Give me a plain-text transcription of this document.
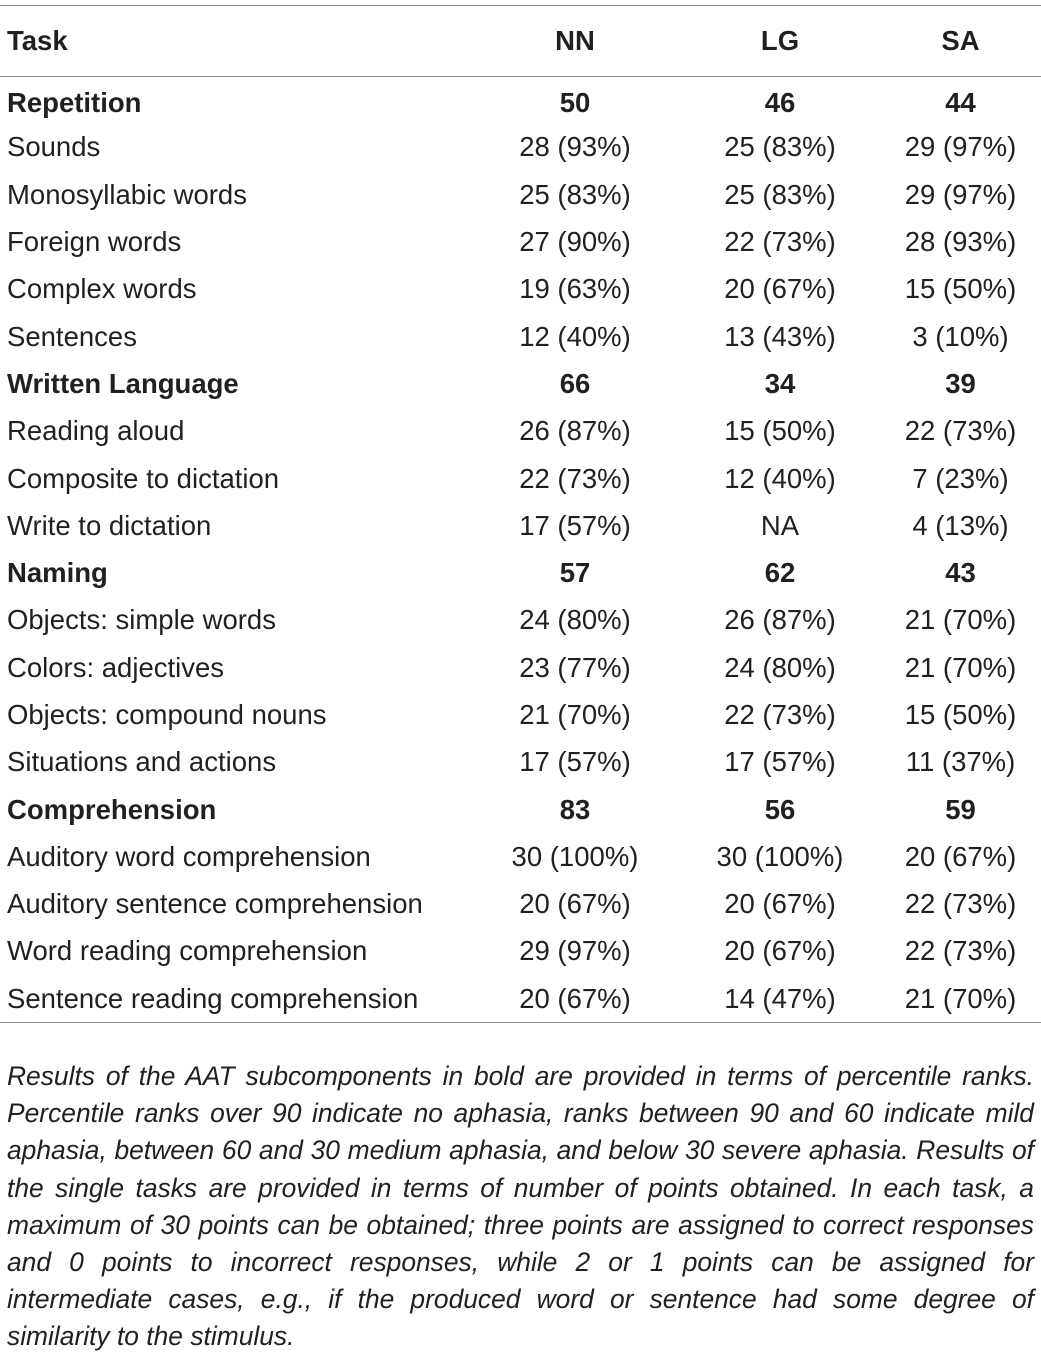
Task	NN	LG	SA
Repetition	50	46	44
Sounds	28 (93%)	25 (83%)	29 (97%)
Monosyllabic words	25 (83%)	25 (83%)	29 (97%)
Foreign words	27 (90%)	22 (73%)	28 (93%)
Complex words	19 (63%)	20 (67%)	15 (50%)
Sentences	12 (40%)	13 (43%)	3 (10%)
Written Language	66	34	39
Reading aloud	26 (87%)	15 (50%)	22 (73%)
Composite to dictation	22 (73%)	12 (40%)	7 (23%)
Write to dictation	17 (57%)	NA	4 (13%)
Naming	57	62	43
Objects: simple words	24 (80%)	26 (87%)	21 (70%)
Colors: adjectives	23 (77%)	24 (80%)	21 (70%)
Objects: compound nouns	21 (70%)	22 (73%)	15 (50%)
Situations and actions	17 (57%)	17 (57%)	11 (37%)
Comprehension	83	56	59
Auditory word comprehension	30 (100%)	30 (100%)	20 (67%)
Auditory sentence comprehension	20 (67%)	20 (67%)	22 (73%)
Word reading comprehension	29 (97%)	20 (67%)	22 (73%)
Sentence reading comprehension	20 (67%)	14 (47%)	21 (70%)

Results of the AAT subcomponents in bold are provided in terms of percentile ranks. Percentile ranks over 90 indicate no aphasia, ranks between 90 and 60 indicate mild aphasia, between 60 and 30 medium aphasia, and below 30 severe aphasia. Results of the single tasks are provided in terms of number of points obtained. In each task, a maximum of 30 points can be obtained; three points are assigned to correct responses and 0 points to incorrect responses, while 2 or 1 points can be assigned for intermediate cases, e.g., if the produced word or sentence had some degree of similarity to the stimulus.
